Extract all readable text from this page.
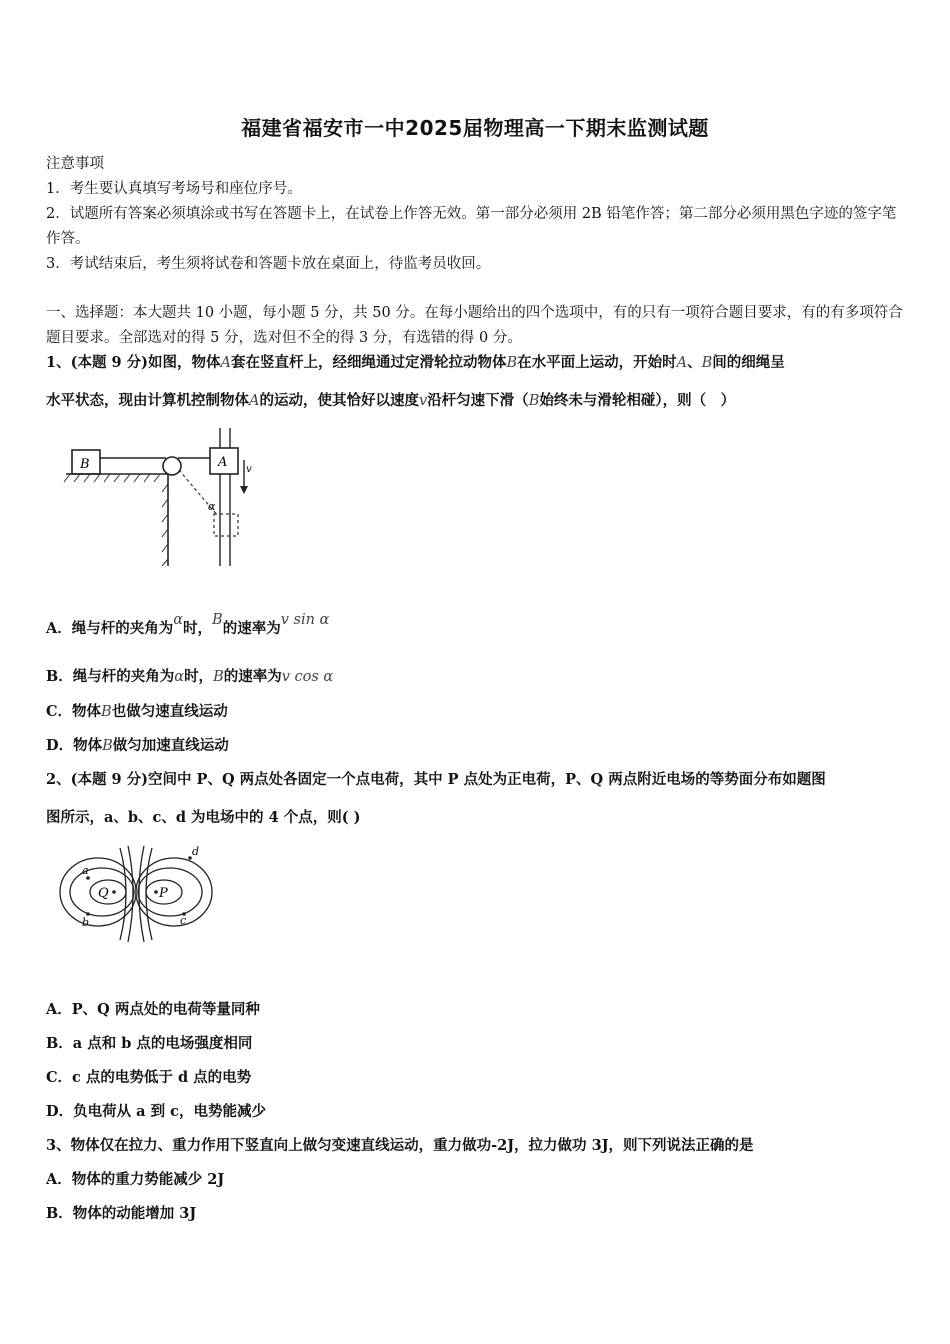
福建省福安市一中2025届物理高一下期末监测试题
注意事项
1．考生要认真填写考场号和座位序号。
2．试题所有答案必须填涂或书写在答题卡上，在试卷上作答无效。第一部分必须用 2B 铅笔作答；第二部分必须用黑色字迹的签字笔作答。
3．考试结束后，考生须将试卷和答题卡放在桌面上，待监考员收回。
一、选择题：本大题共 10 小题，每小题 5 分，共 50 分。在每小题给出的四个选项中，有的只有一项符合题目要求，有的有多项符合题目要求。全部选对的得 5 分，选对但不全的得 3 分，有选错的得 0 分。
1、(本题 9 分)如图，物体A套在竖直杆上，经细绳通过定滑轮拉动物体B在水平面上运动，开始时A、B间的细绳呈
水平状态，现由计算机控制物体A的运动，使其恰好以速度v沿杆匀速下滑（B始终未与滑轮相碰），则（　）
B	A v
α
A．绳与杆的夹角为α时，B的速率为v sin α
B．绳与杆的夹角为α时，B的速率为v cos α
C．物体B也做匀速直线运动
D．物体B做匀加速直线运动
2、(本题 9 分)空间中 P、Q 两点处各固定一个点电荷，其中 P 点处为正电荷，P、Q 两点附近电场的等势面分布如题图
图所示，a、b、c、d 为电场中的 4 个点，则( )
Q	P
a
b	c
d
A．P、Q 两点处的电荷等量同种
B．a 点和 b 点的电场强度相同
C．c 点的电势低于 d 点的电势
D．负电荷从 a 到 c，电势能减少
3、物体仅在拉力、重力作用下竖直向上做匀变速直线运动，重力做功-2J，拉力做功 3J，则下列说法正确的是
A．物体的重力势能减少 2J
B．物体的动能增加 3J
